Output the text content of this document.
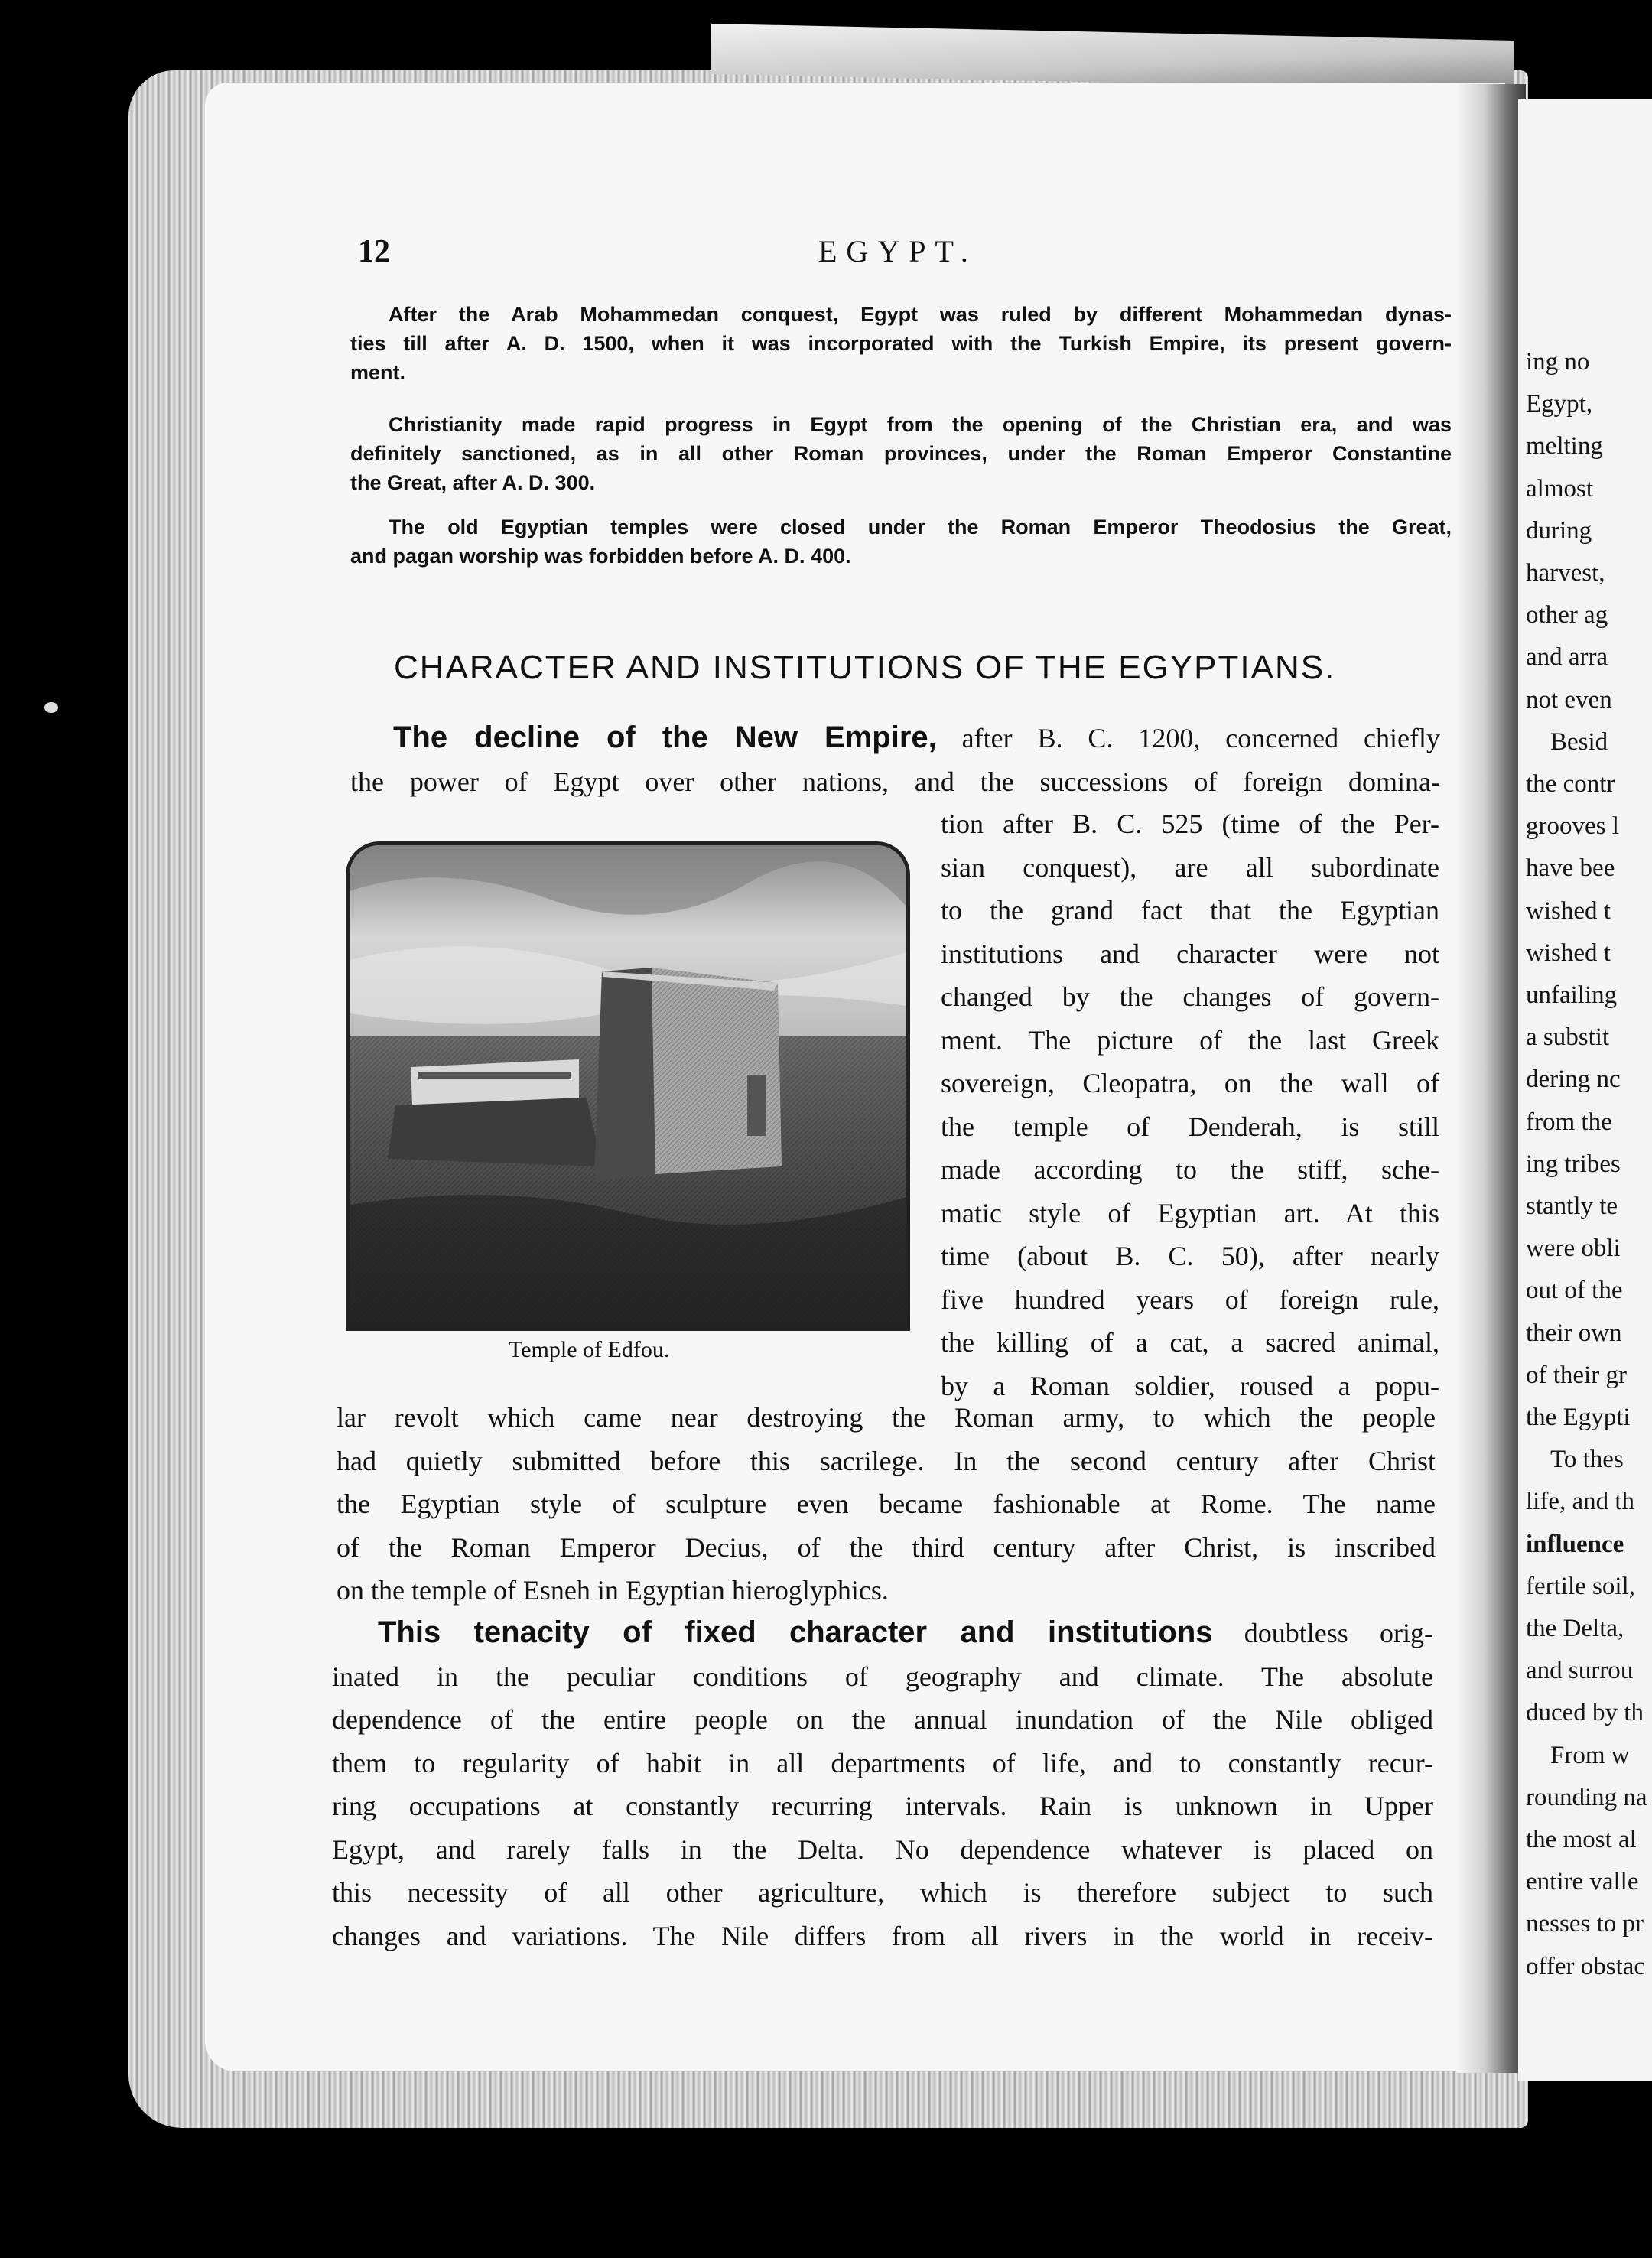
12	EGYPT.
After the Arab Mohammedan conquest, Egypt was ruled by different Mohammedan dynas-
ties till after A. D. 1500, when it was incorporated with the Turkish Empire, its present govern-
ment.
Christianity made rapid progress in Egypt from the opening of the Christian era, and was
definitely sanctioned, as in all other Roman provinces, under the Roman Emperor Constantine
the Great, after A. D. 300.
The old Egyptian temples were closed under the Roman Emperor Theodosius the Great,
and pagan worship was forbidden before A. D. 400.
CHARACTER AND INSTITUTIONS OF THE EGYPTIANS.
The decline of the New Empire, after B. C. 1200, concerned chiefly
the power of Egypt over other nations, and the successions of foreign domina-
Temple of Edfou.
tion after B. C. 525 (time of the Per-
sian conquest), are all subordinate
to the grand fact that the Egyptian
institutions and character were not
changed by the changes of govern-
ment. The picture of the last Greek
sovereign, Cleopatra, on the wall of
the temple of Denderah, is still
made according to the stiff, sche-
matic style of Egyptian art. At this
time (about B. C. 50), after nearly
five hundred years of foreign rule,
the killing of a cat, a sacred animal,
by a Roman soldier, roused a popu-
lar revolt which came near destroying the Roman army, to which the people
had quietly submitted before this sacrilege. In the second century after Christ
the Egyptian style of sculpture even became fashionable at Rome. The name
of the Roman Emperor Decius, of the third century after Christ, is inscribed
on the temple of Esneh in Egyptian hieroglyphics.
This tenacity of fixed character and institutions doubtless orig-
inated in the peculiar conditions of geography and climate. The absolute
dependence of the entire people on the annual inundation of the Nile obliged
them to regularity of habit in all departments of life, and to constantly recur-
ring occupations at constantly recurring intervals. Rain is unknown in Upper
Egypt, and rarely falls in the Delta. No dependence whatever is placed on
this necessity of all other agriculture, which is therefore subject to such
changes and variations. The Nile differs from all rivers in the world in receiv-
ing no
Egypt,
melting
almost
during
harvest,
other ag
and arra
not even
Besid
the contr
grooves l
have bee
wished t
wished t
unfailing
a substit
dering nc
from the
ing tribes
stantly te
were obli
out of the
their own
of their gr
the Egypti
To thes
life, and th
influence
fertile soil,
the Delta,
and surrou
duced by th
From w
rounding na
the most al
entire valle
nesses to pr
offer obstac
